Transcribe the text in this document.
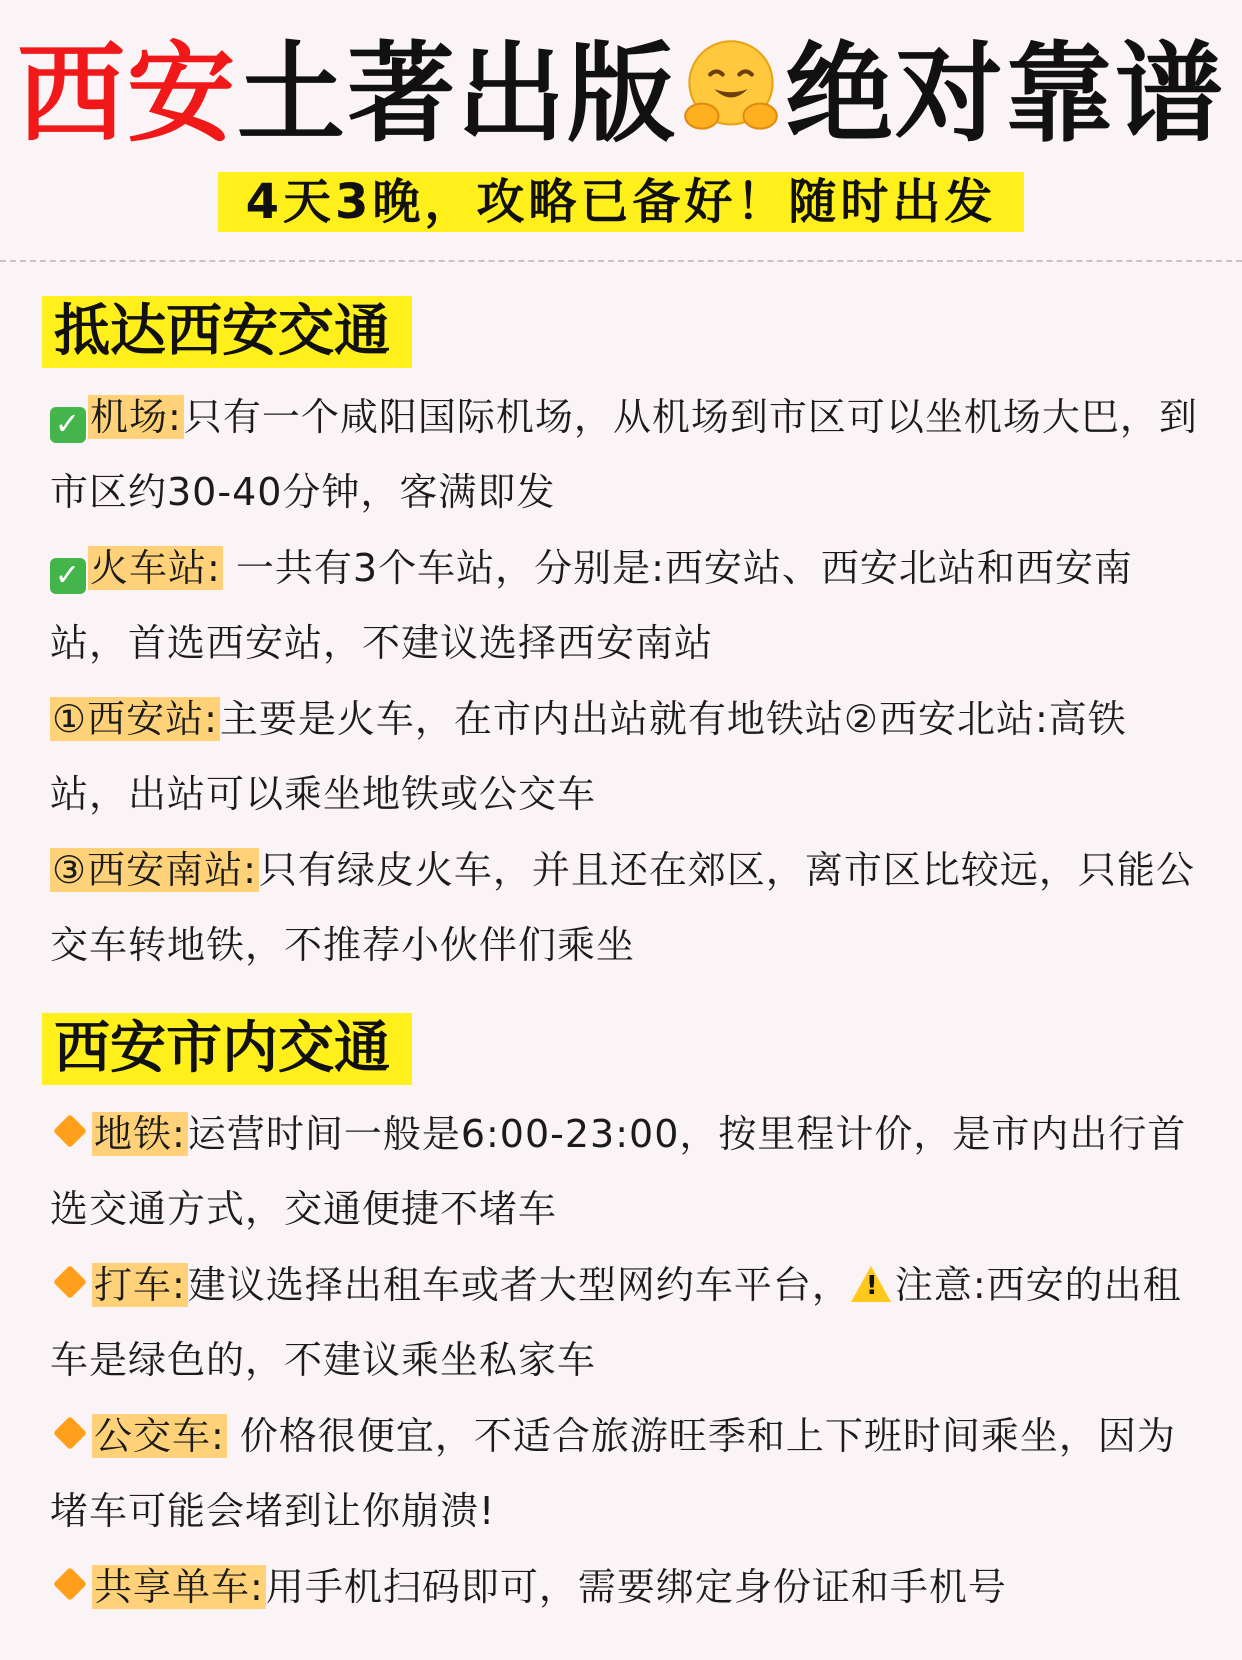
西安土著出版 绝对靠谱
4天3晚，攻略已备好！随时出发
抵达西安交通
✓ 机场:只有一个咸阳国际机场，从机场到市区可以坐机场大巴，到市区约30-40分钟，客满即发
✓ 火车站: 一共有3个车站，分别是:西安站、西安北站和西安南站，首选西安站，不建议选择西安南站
①西安站:主要是火车，在市内出站就有地铁站②西安北站:高铁站，出站可以乘坐地铁或公交车
③西安南站:只有绿皮火车，并且还在郊区，离市区比较远，只能公交车转地铁，不推荐小伙伴们乘坐
西安市内交通
地铁:运营时间一般是6:00-23:00，按里程计价，是市内出行首选交通方式，交通便捷不堵车
打车:建议选择出租车或者大型网约车平台，! 注意:西安的出租车是绿色的，不建议乘坐私家车
公交车: 价格很便宜，不适合旅游旺季和上下班时间乘坐，因为堵车可能会堵到让你崩溃!
共享单车:用手机扫码即可，需要绑定身份证和手机号
